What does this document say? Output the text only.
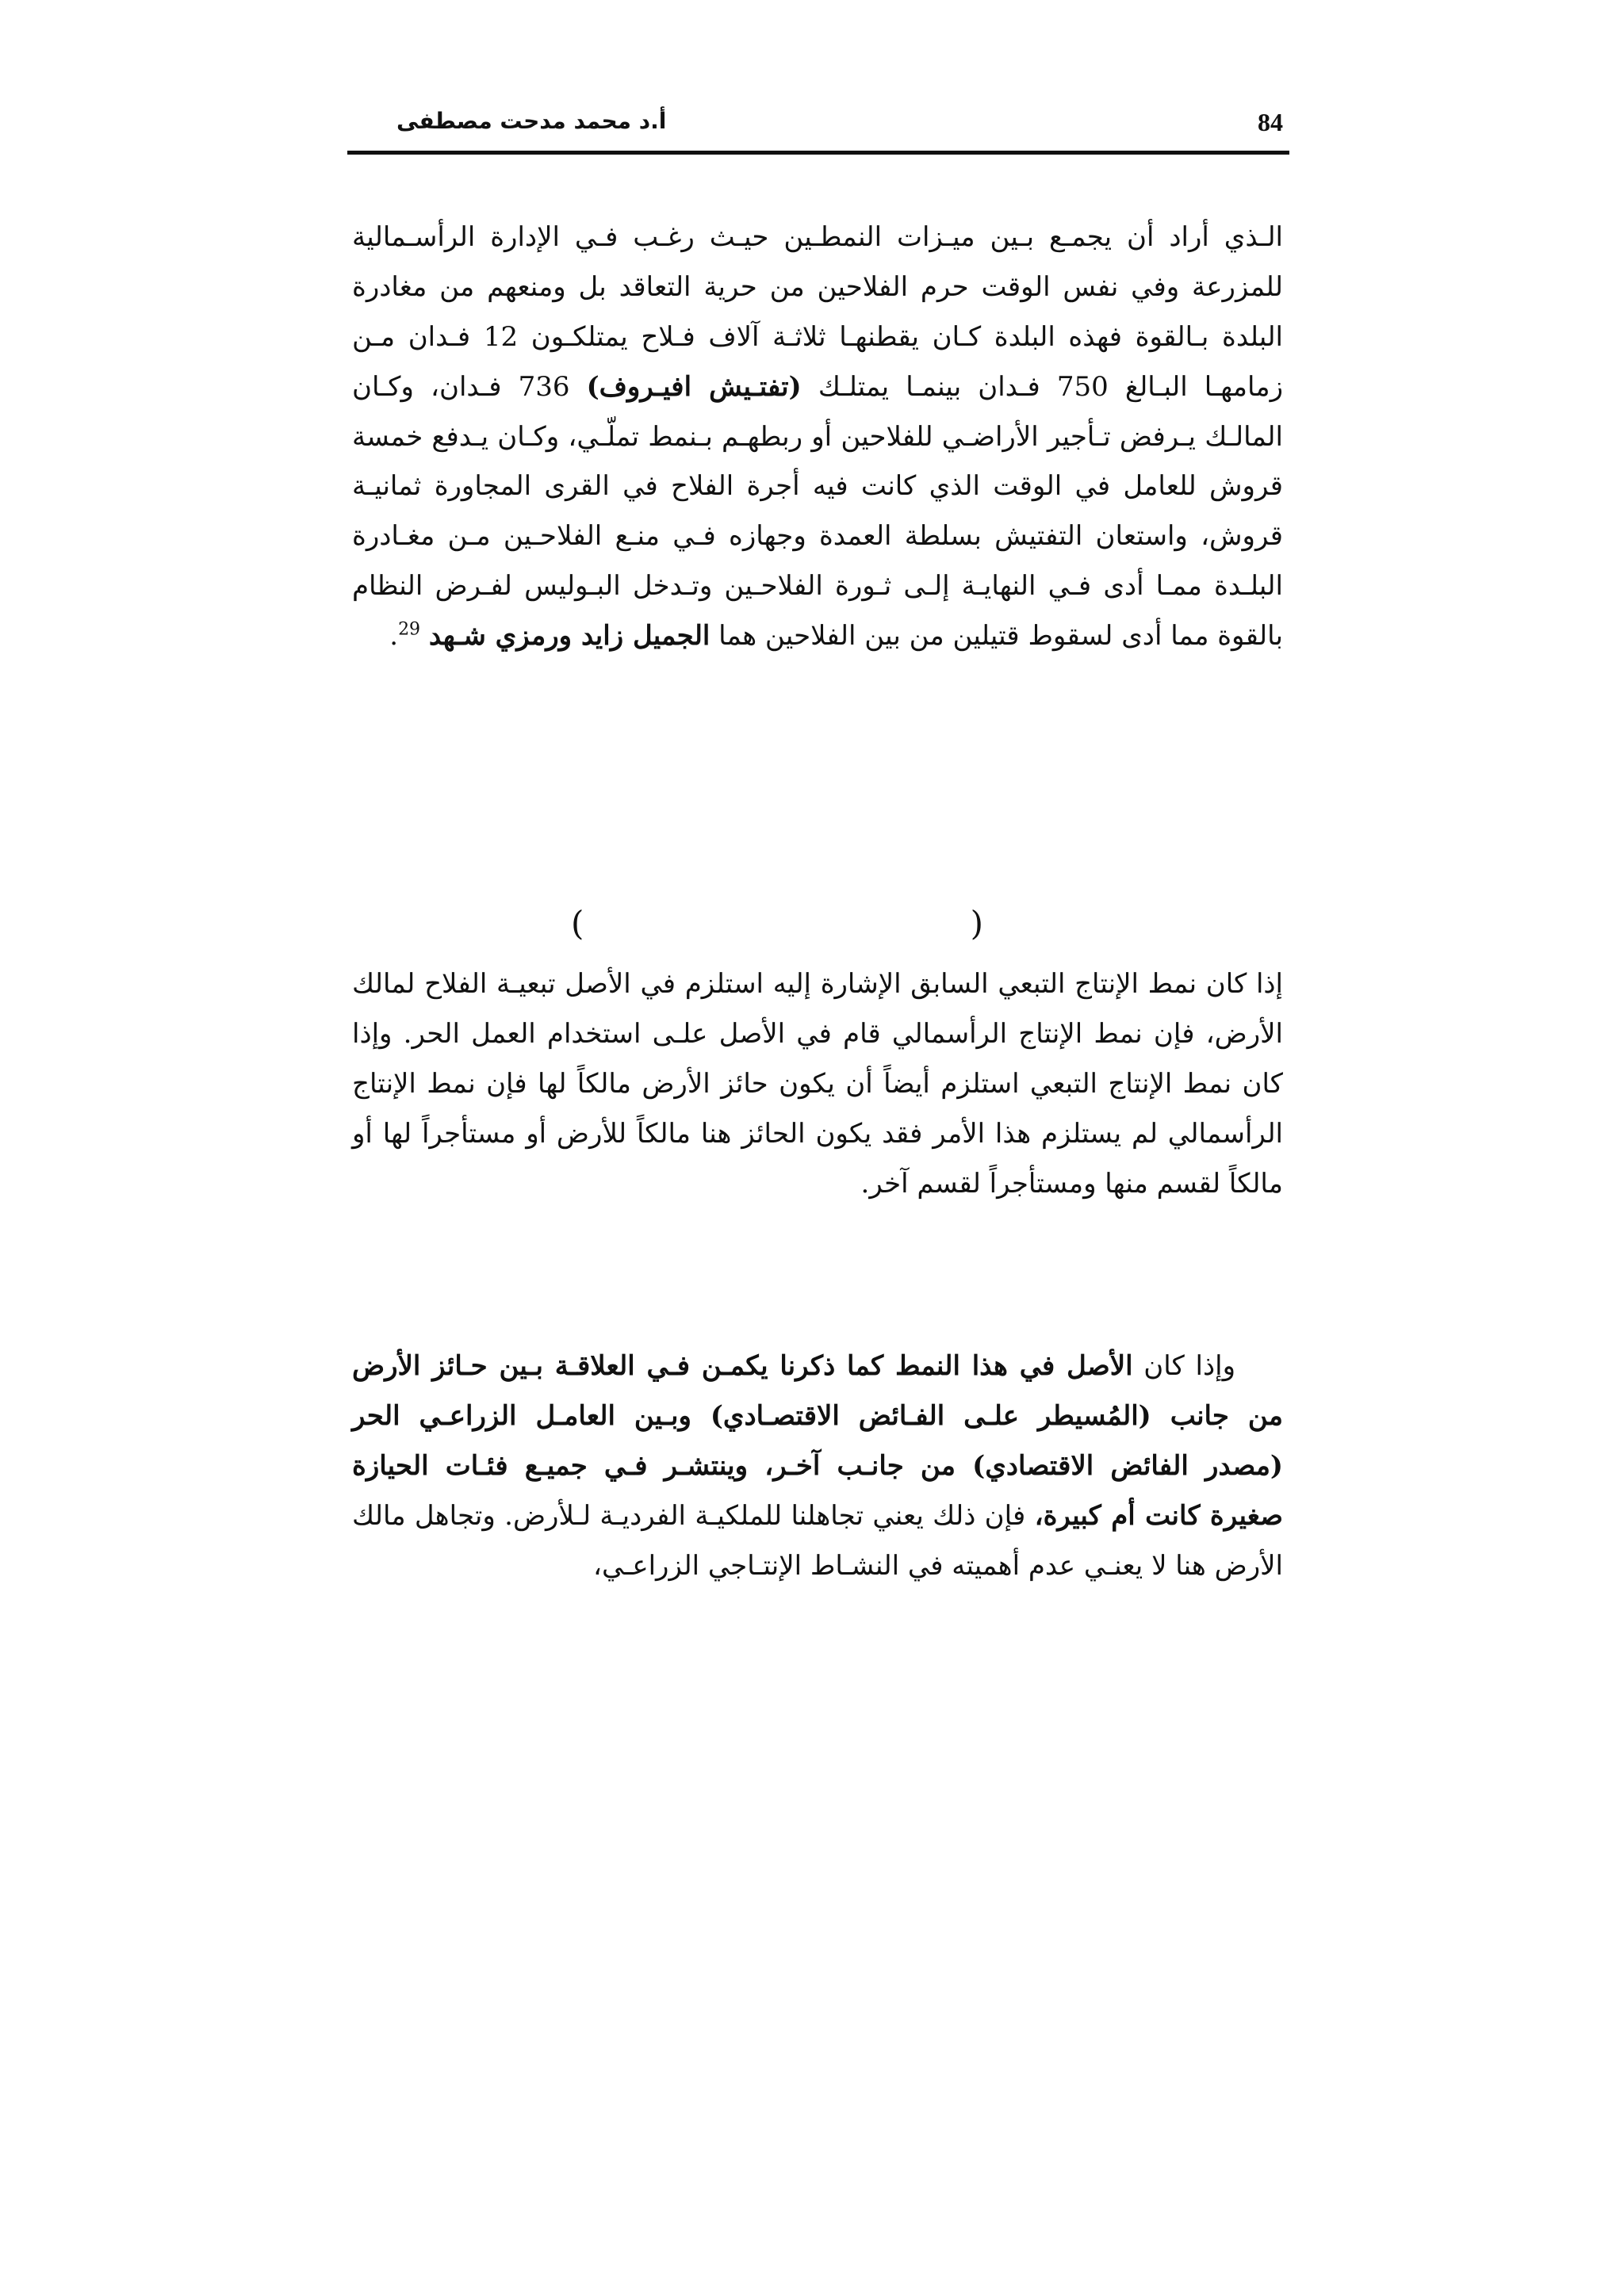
84
أ.د محمد مدحت مصطفى
الـذي أراد أن يجمـع بـين ميـزات النمطـين حيـث رغـب فـي الإدارة الرأسـمالية للمزرعة وفي نفس الوقت حرم الفلاحين من حرية التعاقد بل ومنعهم من مغادرة البلدة بـالقوة فهذه البلدة كـان يقطنهـا ثلاثـة آلاف فـلاح يمتلكـون 12 فـدان مـن زمامهـا البـالغ 750 فـدان بينمـا يمتلـك (تفتـيش افيـروف) 736 فـدان، وكـان المالـك يـرفض تـأجير الأراضـي للفلاحين أو ربطهـم بـنمط تملّـي، وكـان يـدفع خمسة قروش للعامل في الوقت الذي كانت فيه أجرة الفلاح في القرى المجاورة ثمانيـة قروش، واستعان التفتيش بسلطة العمدة وجهازه فـي منـع الفلاحـين مـن مغـادرة البلـدة ممـا أدى فـي النهايـة إلـى ثـورة الفلاحـين وتـدخل البـوليس لفـرض النظام بالقوة مما أدى لسقوط قتيلين من بين الفلاحين هما الجميل زايد ورمزي شـهد $^{29}$.
(
)
إذا كان نمط الإنتاج التبعي السابق الإشارة إليه استلزم في الأصل تبعيـة الفلاح لمالك الأرض، فإن نمط الإنتاج الرأسمالي قام في الأصل علـى استخدام العمل الحر. وإذا كان نمط الإنتاج التبعي استلزم أيضاً أن يكون حائز الأرض مالكاً لها فإن نمط الإنتاج الرأسمالي لم يستلزم هذا الأمر فقد يكون الحائز هنا مالكاً للأرض أو مستأجراً لها أو مالكاً لقسم منها ومستأجراً لقسم آخر.
وإذا كان الأصل في هذا النمط كما ذكرنا يكمـن فـي العلاقـة بـين حـائز الأرض من جانب (المُسيطر علـى الفـائض الاقتصـادي) وبـين العامـل الزراعـي الحر (مصدر الفائض الاقتصادي) من جانـب آخـر، وينتشـر فـي جميـع فئـات الحيازة صغيرة كانت أم كبيرة، فإن ذلك يعني تجاهلنا للملكيـة الفرديـة لـلأرض. وتجاهل مالك الأرض هنا لا يعنـي عدم أهميته في النشـاط الإنتـاجي الزراعـي،
